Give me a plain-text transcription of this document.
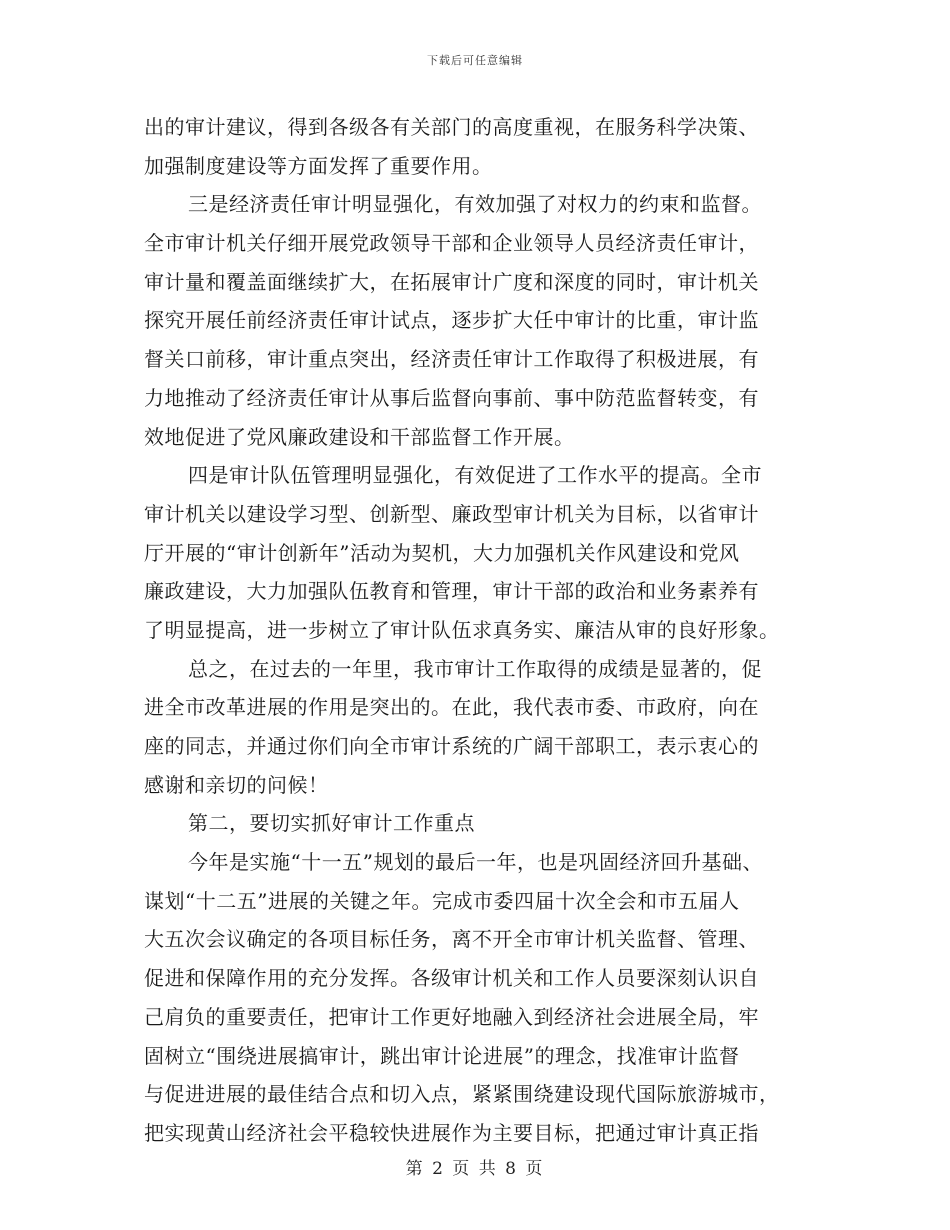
下载后可任意编辑
出的审计建议，得到各级各有关部门的高度重视，在服务科学决策、
加强制度建设等方面发挥了重要作用。
三是经济责任审计明显强化，有效加强了对权力的约束和监督。
全市审计机关仔细开展党政领导干部和企业领导人员经济责任审计，
审计量和覆盖面继续扩大，在拓展审计广度和深度的同时，审计机关
探究开展任前经济责任审计试点，逐步扩大任中审计的比重，审计监
督关口前移，审计重点突出，经济责任审计工作取得了积极进展，有
力地推动了经济责任审计从事后监督向事前、事中防范监督转变，有
效地促进了党风廉政建设和干部监督工作开展。
四是审计队伍管理明显强化，有效促进了工作水平的提高。全市
审计机关以建设学习型、创新型、廉政型审计机关为目标，以省审计
厅开展的“审计创新年”活动为契机，大力加强机关作风建设和党风
廉政建设，大力加强队伍教育和管理，审计干部的政治和业务素养有
了明显提高，进一步树立了审计队伍求真务实、廉洁从审的良好形象。
总之，在过去的一年里，我市审计工作取得的成绩是显著的，促
进全市改革进展的作用是突出的。在此，我代表市委、市政府，向在
座的同志，并通过你们向全市审计系统的广阔干部职工，表示衷心的
感谢和亲切的问候！
第二，要切实抓好审计工作重点
今年是实施“十一五”规划的最后一年，也是巩固经济回升基础、
谋划“十二五”进展的关键之年。完成市委四届十次全会和市五届人
大五次会议确定的各项目标任务，离不开全市审计机关监督、管理、
促进和保障作用的充分发挥。各级审计机关和工作人员要深刻认识自
己肩负的重要责任，把审计工作更好地融入到经济社会进展全局，牢
固树立“围绕进展搞审计，跳出审计论进展”的理念，找准审计监督
与促进进展的最佳结合点和切入点，紧紧围绕建设现代国际旅游城市，
把实现黄山经济社会平稳较快进展作为主要目标，把通过审计真正指
第 2 页 共 8 页
